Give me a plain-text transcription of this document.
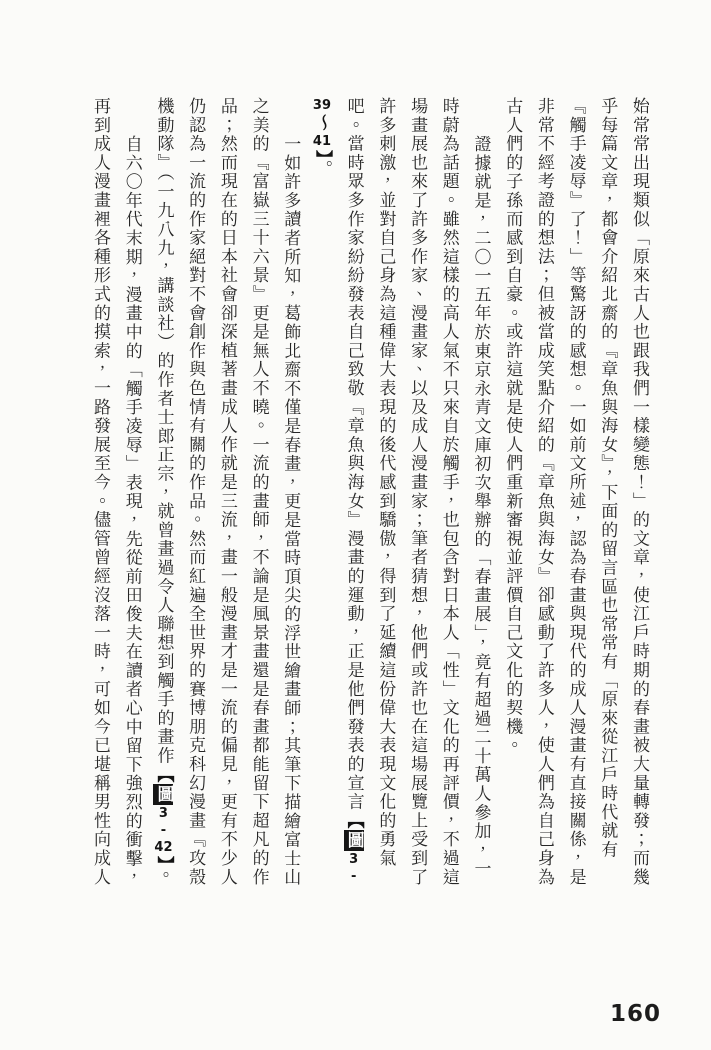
始常常出現類似「原來古人也跟我們一樣變態！」的文章，使江戶時期的春畫被大量轉發；而幾
乎每篇文章，都會介紹北齋的『章魚與海女』，下面的留言區也常常有「原來從江戶時代就有
『觸手凌辱』了！」等驚訝的感想。一如前文所述，認為春畫與現代的成人漫畫有直接關係，是
非常不經考證的想法；但被當成笑點介紹的『章魚與海女』卻感動了許多人，使人們為自己身為
古人們的子孫而感到自豪。或許這就是使人們重新審視並評價自己文化的契機。
證據就是，二〇一五年於東京永青文庫初次舉辦的「春畫展」，竟有超過二十萬人參加，一
時蔚為話題。雖然這樣的高人氣不只來自於觸手，也包含對日本人「性」文化的再評價，不過這
場畫展也來了許多作家、漫畫家、以及成人漫畫家；筆者猜想，他們或許也在這場展覽上受到了
許多刺激，並對自己身為這種偉大表現的後代感到驕傲，得到了延續這份偉大表現文化的勇氣
吧。當時眾多作家紛紛發表自己致敬『章魚與海女』漫畫的運動，正是他們發表的宣言【圖3-
39〜41】。
一如許多讀者所知，葛飾北齋不僅是春畫，更是當時頂尖的浮世繪畫師；其筆下描繪富士山
之美的『富嶽三十六景』更是無人不曉。一流的畫師，不論是風景畫還是春畫都能留下超凡的作
品；然而現在的日本社會卻深植著畫成人作就是三流，畫一般漫畫才是一流的偏見，更有不少人
仍認為一流的作家絕對不會創作與色情有關的作品。然而紅遍全世界的賽博朋克科幻漫畫『攻殼
機動隊』（一九八九，講談社）的作者士郎正宗，就曾畫過令人聯想到觸手的畫作【圖3-42】。
自六〇年代末期，漫畫中的「觸手凌辱」表現，先從前田俊夫在讀者心中留下強烈的衝擊，
再到成人漫畫裡各種形式的摸索，一路發展至今。儘管曾經沒落一時，可如今已堪稱男性向成人
160
